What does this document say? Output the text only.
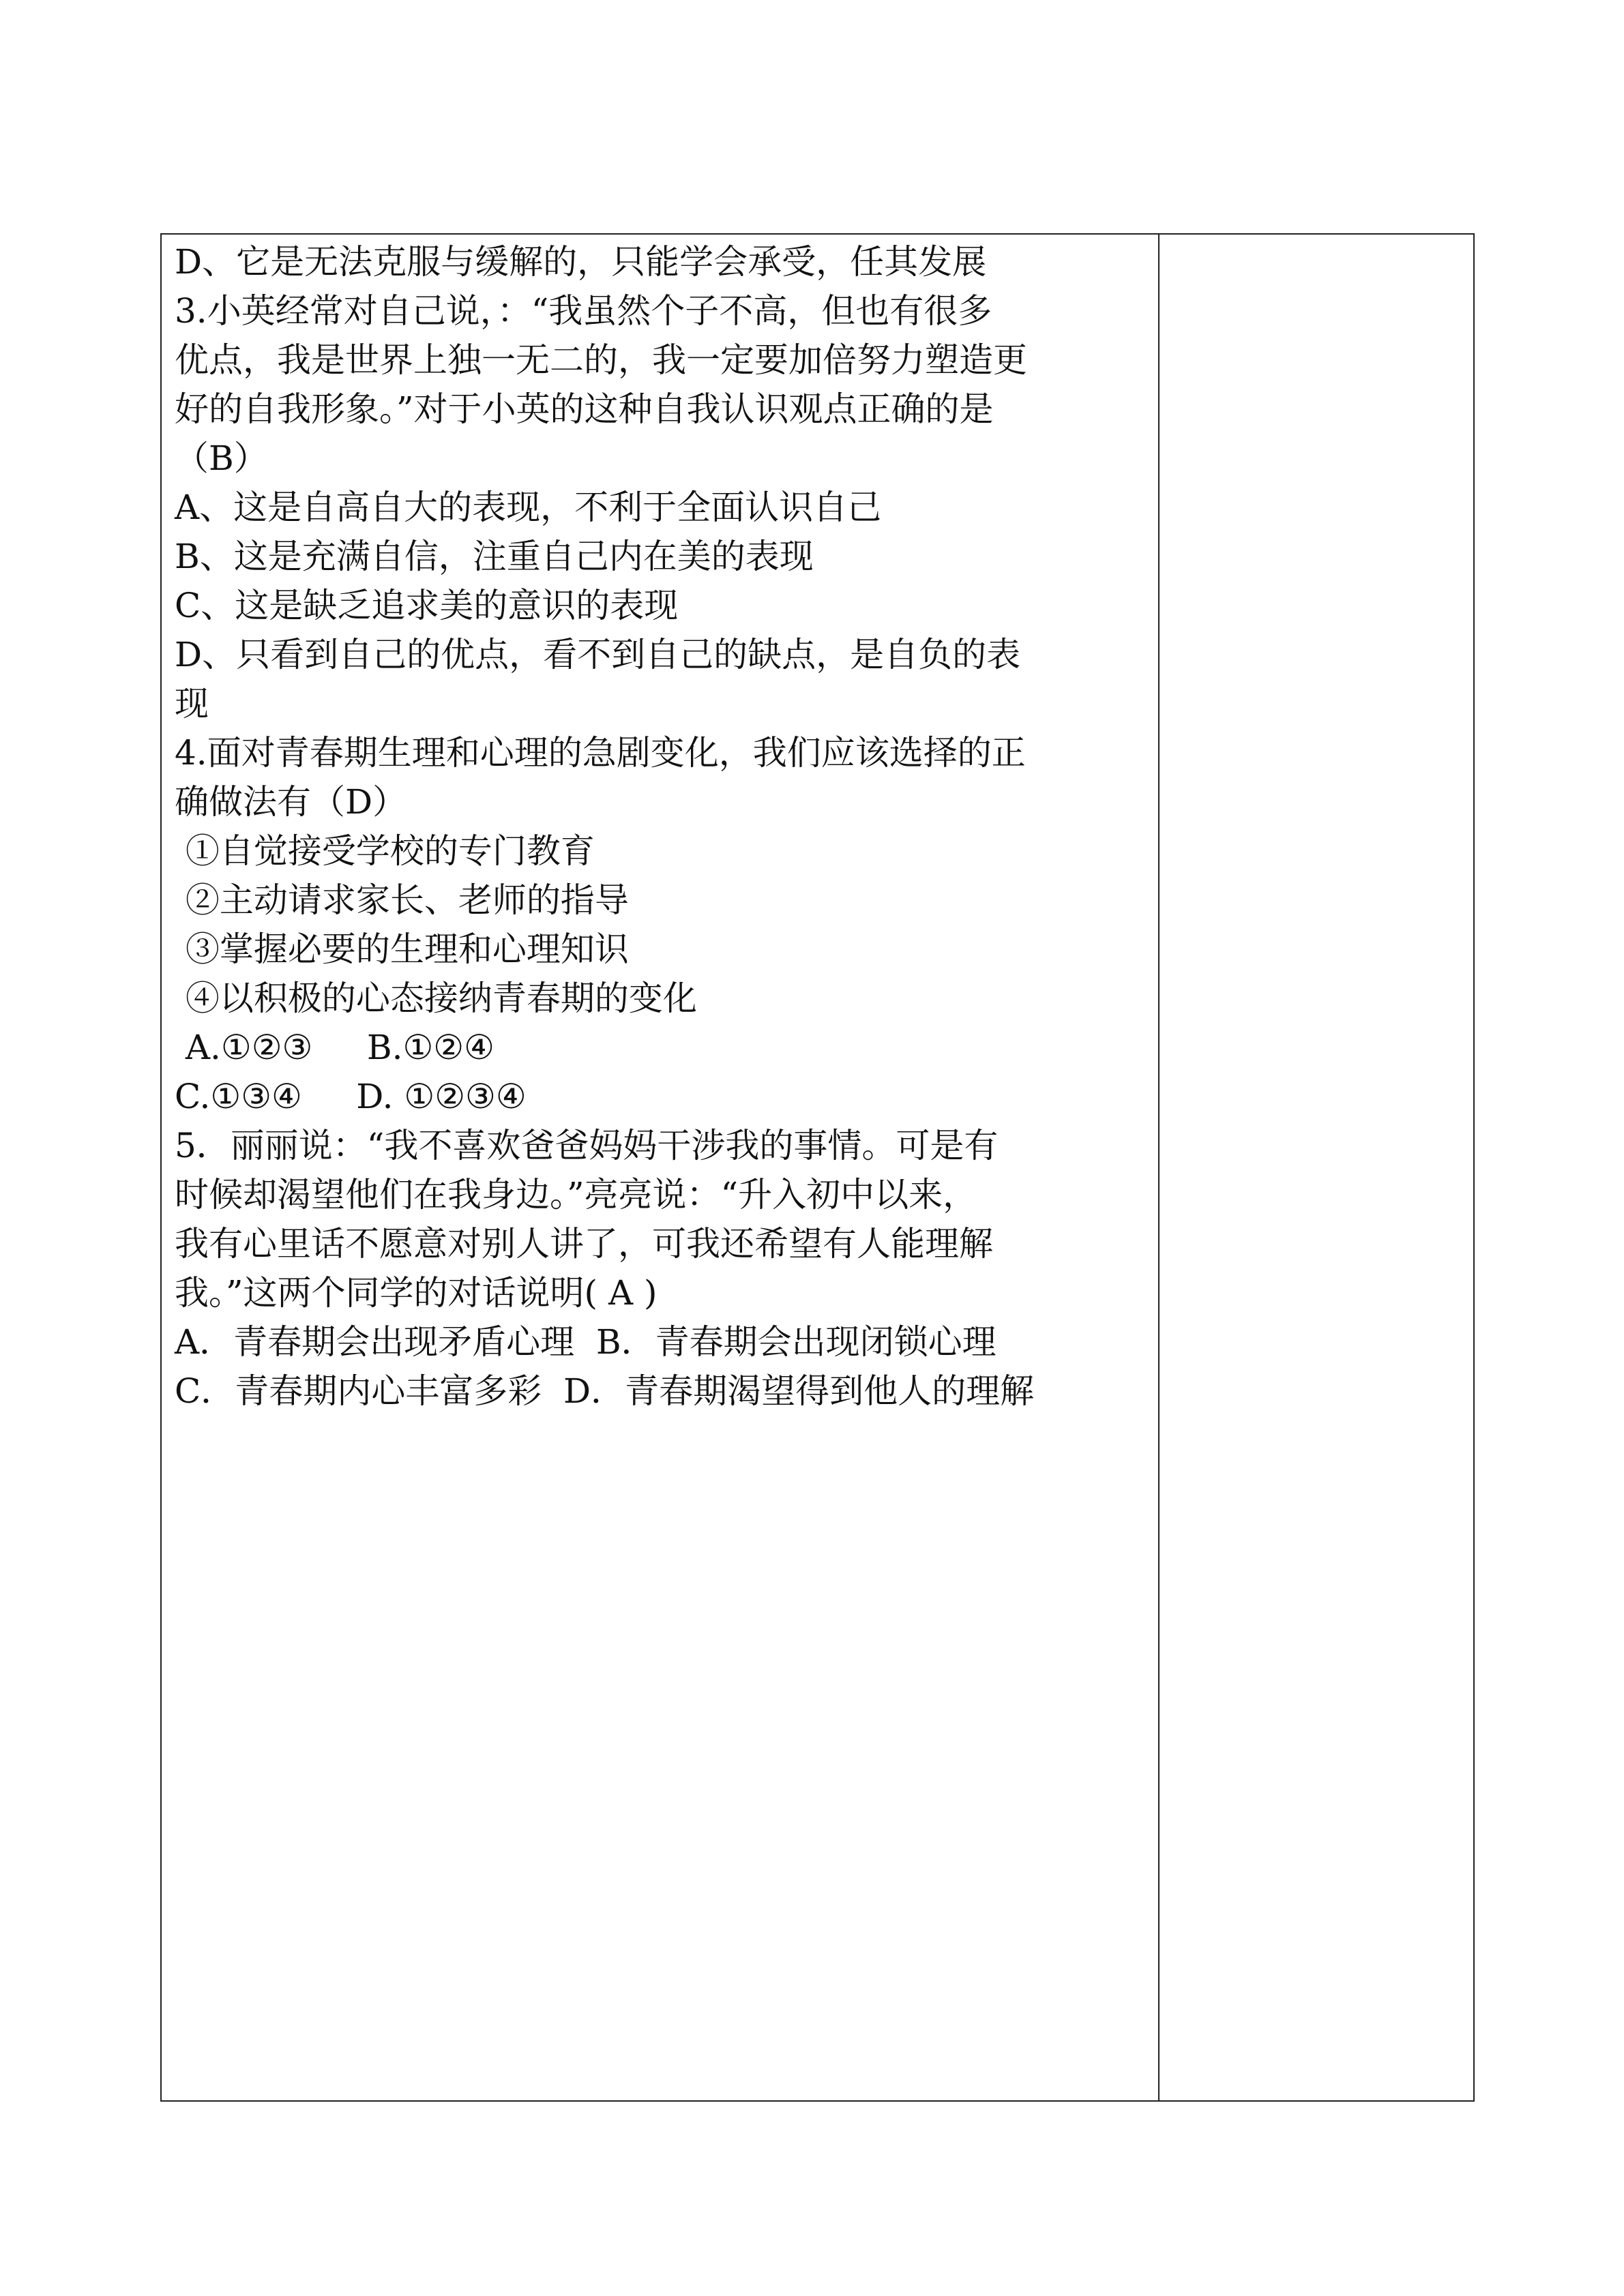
D、它是无法克服与缓解的，只能学会承受，任其发展
3.小英经常对自己说，：“我虽然个子不高，但也有很多
优点，我是世界上独一无二的，我一定要加倍努力塑造更
好的自我形象。”对于小英的这种自我认识观点正确的是
（B）
A、这是自高自大的表现，不利于全面认识自己
B、这是充满自信，注重自己内在美的表现
C、这是缺乏追求美的意识的表现
D、只看到自己的优点，看不到自己的缺点，是自负的表
现
4.面对青春期生理和心理的急剧变化，我们应该选择的正
确做法有（D）
①自觉接受学校的专门教育
②主动请求家长、老师的指导
③掌握必要的生理和心理知识
④以积极的心态接纳青春期的变化
A.①②③     B.①②④
C.①③④     D. ①②③④
5．丽丽说：“我不喜欢爸爸妈妈干涉我的事情。可是有
时候却渴望他们在我身边。”亮亮说：“升入初中以来，
我有心里话不愿意对别人讲了，可我还希望有人能理解
我。”这两个同学的对话说明( A )
A．青春期会出现矛盾心理  B．青春期会出现闭锁心理
C．青春期内心丰富多彩  D．青春期渴望得到他人的理解
